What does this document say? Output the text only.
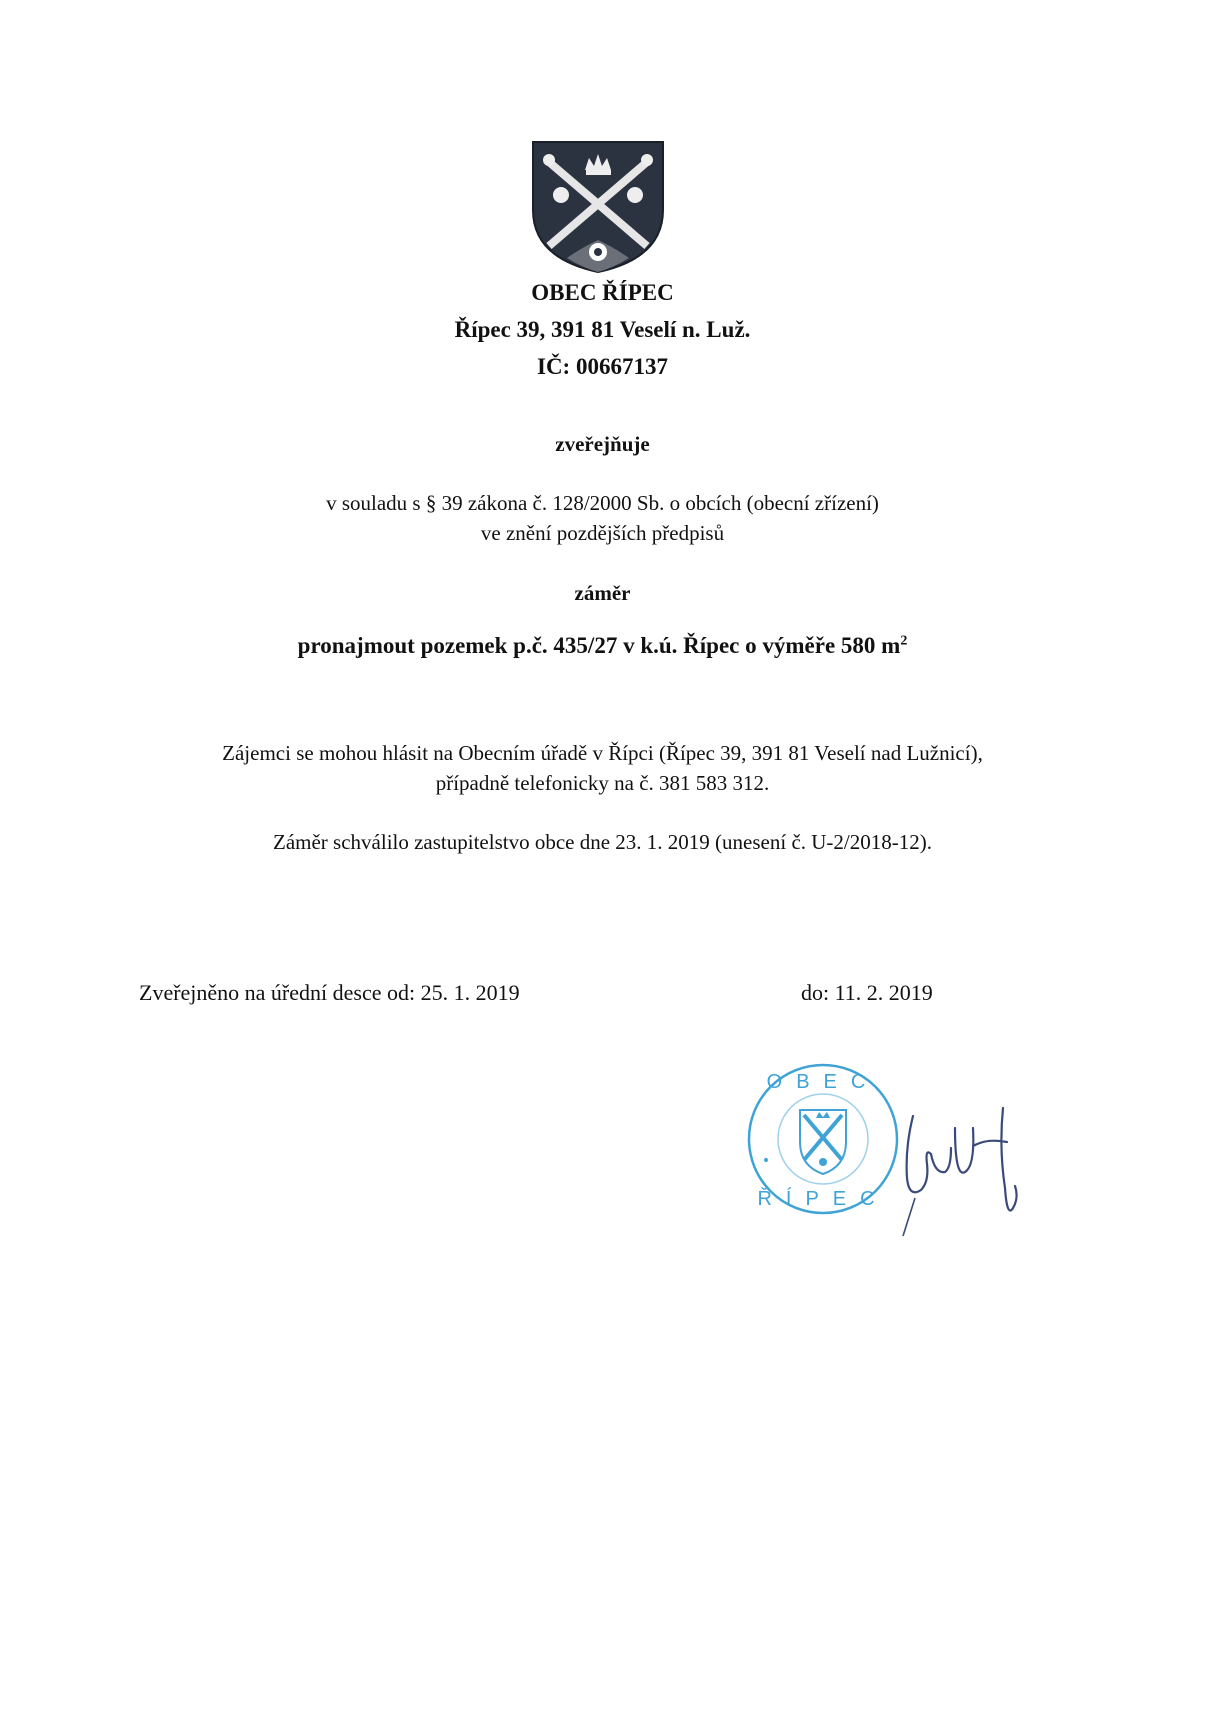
OBEC ŘÍPEC
Řípec 39, 391 81 Veselí n. Luž.
IČ: 00667137
zveřejňuje
v souladu s § 39 zákona č. 128/2000 Sb. o obcích (obecní zřízení)
ve znění pozdějších předpisů
záměr
pronajmout pozemek p.č. 435/27 v k.ú. Řípec o výměře 580 $m^2$
Zájemci se mohou hlásit na Obecním úřadě v Řípci (Řípec 39, 391 81 Veselí nad Lužnicí),
případně telefonicky na č. 381 583 312.
Záměr schválilo zastupitelstvo obce dne 23. 1. 2019 (unesení č. U-2/2018-12).
Zveřejněno na úřední desce od: 25. 1. 2019	do: 11. 2. 2019
OBEC
ŘÍPEC
